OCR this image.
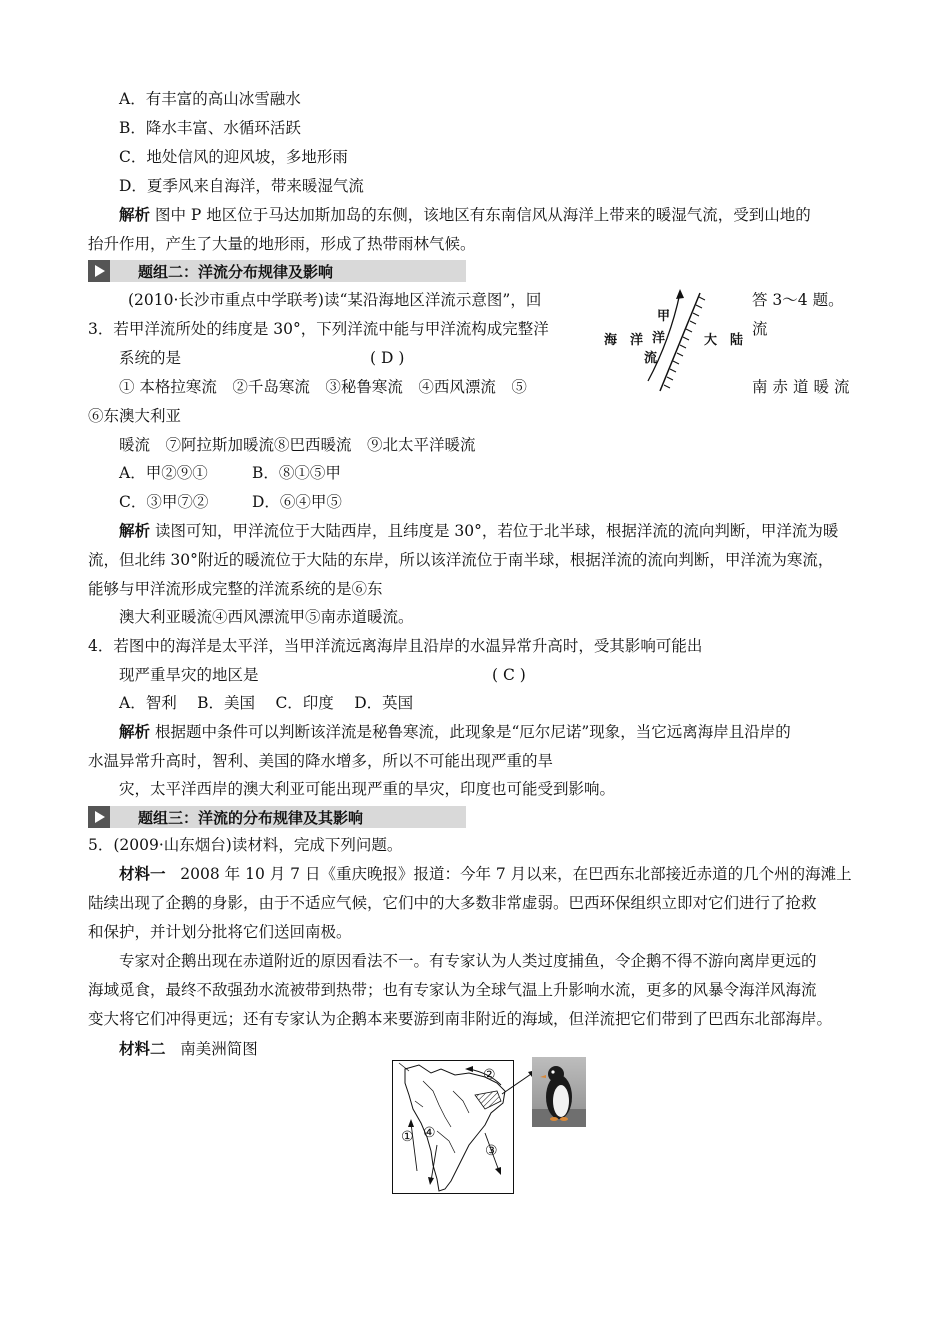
A．有丰富的高山冰雪融水
B．降水丰富、水循环活跃
C．地处信风的迎风坡，多地形雨
D．夏季风来自海洋，带来暖湿气流
解析 图中 P 地区位于马达加斯加岛的东侧，该地区有东南信风从海洋上带来的暖湿气流，受到山地的
抬升作用，产生了大量的地形雨，形成了热带雨林气候。
题组二：洋流分布规律及影响
(2010·长沙市重点中学联考)读“某沿海地区洋流示意图”，回	答 3～4 题。
3．若甲洋流所处的纬度是 30°，下列洋流中能与甲洋流构成完整洋	流
系统的是	( D )
① 本格拉寒流　②千岛寒流　③秘鲁寒流　④西风漂流　⑤	南赤道暖流
⑥东澳大利亚
暖流　⑦阿拉斯加暖流⑧巴西暖流　⑨北太平洋暖流
A．甲②⑨①	B．⑧①⑤甲
C．③甲⑦②	D．⑥④甲⑤
海　洋
甲
洋
流
大　陆
解析 读图可知，甲洋流位于大陆西岸，且纬度是 30°，若位于北半球，根据洋流的流向判断，甲洋流为暖
流，但北纬 30°附近的暖流位于大陆的东岸，所以该洋流位于南半球，根据洋流的流向判断，甲洋流为寒流，
能够与甲洋流形成完整的洋流系统的是⑥东
澳大利亚暖流④西风漂流甲⑤南赤道暖流。
4．若图中的海洋是太平洋，当甲洋流远离海岸且沿岸的水温异常升高时，受其影响可能出
现严重旱灾的地区是	( C )
A．智利　 B．美国　 C．印度　 D．英国
解析 根据题中条件可以判断该洋流是秘鲁寒流，此现象是“厄尔尼诺”现象，当它远离海岸且沿岸的
水温异常升高时，智利、美国的降水增多，所以不可能出现严重的旱
灾，太平洋西岸的澳大利亚可能出现严重的旱灾，印度也可能受到影响。
题组三：洋流的分布规律及其影响
5．(2009·山东烟台)读材料，完成下列问题。
材料一 2008 年 10 月 7 日《重庆晚报》报道：今年 7 月以来，在巴西东北部接近赤道的几个州的海滩上
陆续出现了企鹅的身影，由于不适应气候，它们中的大多数非常虚弱。巴西环保组织立即对它们进行了抢救
和保护，并计划分批将它们送回南极。
专家对企鹅出现在赤道附近的原因看法不一。有专家认为人类过度捕鱼，令企鹅不得不游向离岸更远的
海域觅食，最终不敌强劲水流被带到热带；也有专家认为全球气温上升影响水流，更多的风暴令海洋风海流
变大将它们冲得更远；还有专家认为企鹅本来要游到南非附近的海域，但洋流把它们带到了巴西东北部海岸。
材料二 南美洲简图
①
②
③
④
